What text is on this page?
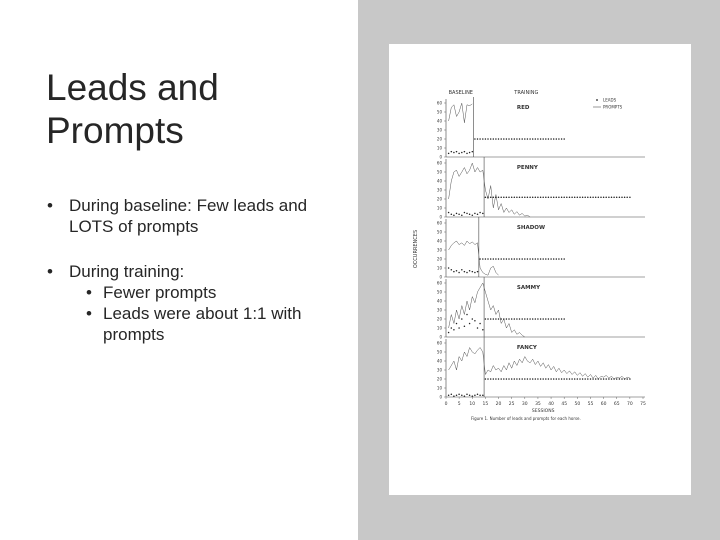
Leads and
Prompts
• During baseline: Few leads and LOTS of prompts
• During training:
• Fewer prompts
• Leads were about 1:1 with prompts
BASELINE	TRAINING
LEADS
PROMPTS
OCCURRENCES
0
10
20
30
40
50
60
RED
0
10
20
30
40
50
60
PENNY
0
10
20
30
40
50
60
SHADOW
0
10
20
30
40
50
60
SAMMY
0
10
20
30
40
50
60
FANCY
0 5 10 15 20 25 30 35 40 45 50 55 60 65 70 75
SESSIONS
Figure 1. Number of leads and prompts for each horse.
